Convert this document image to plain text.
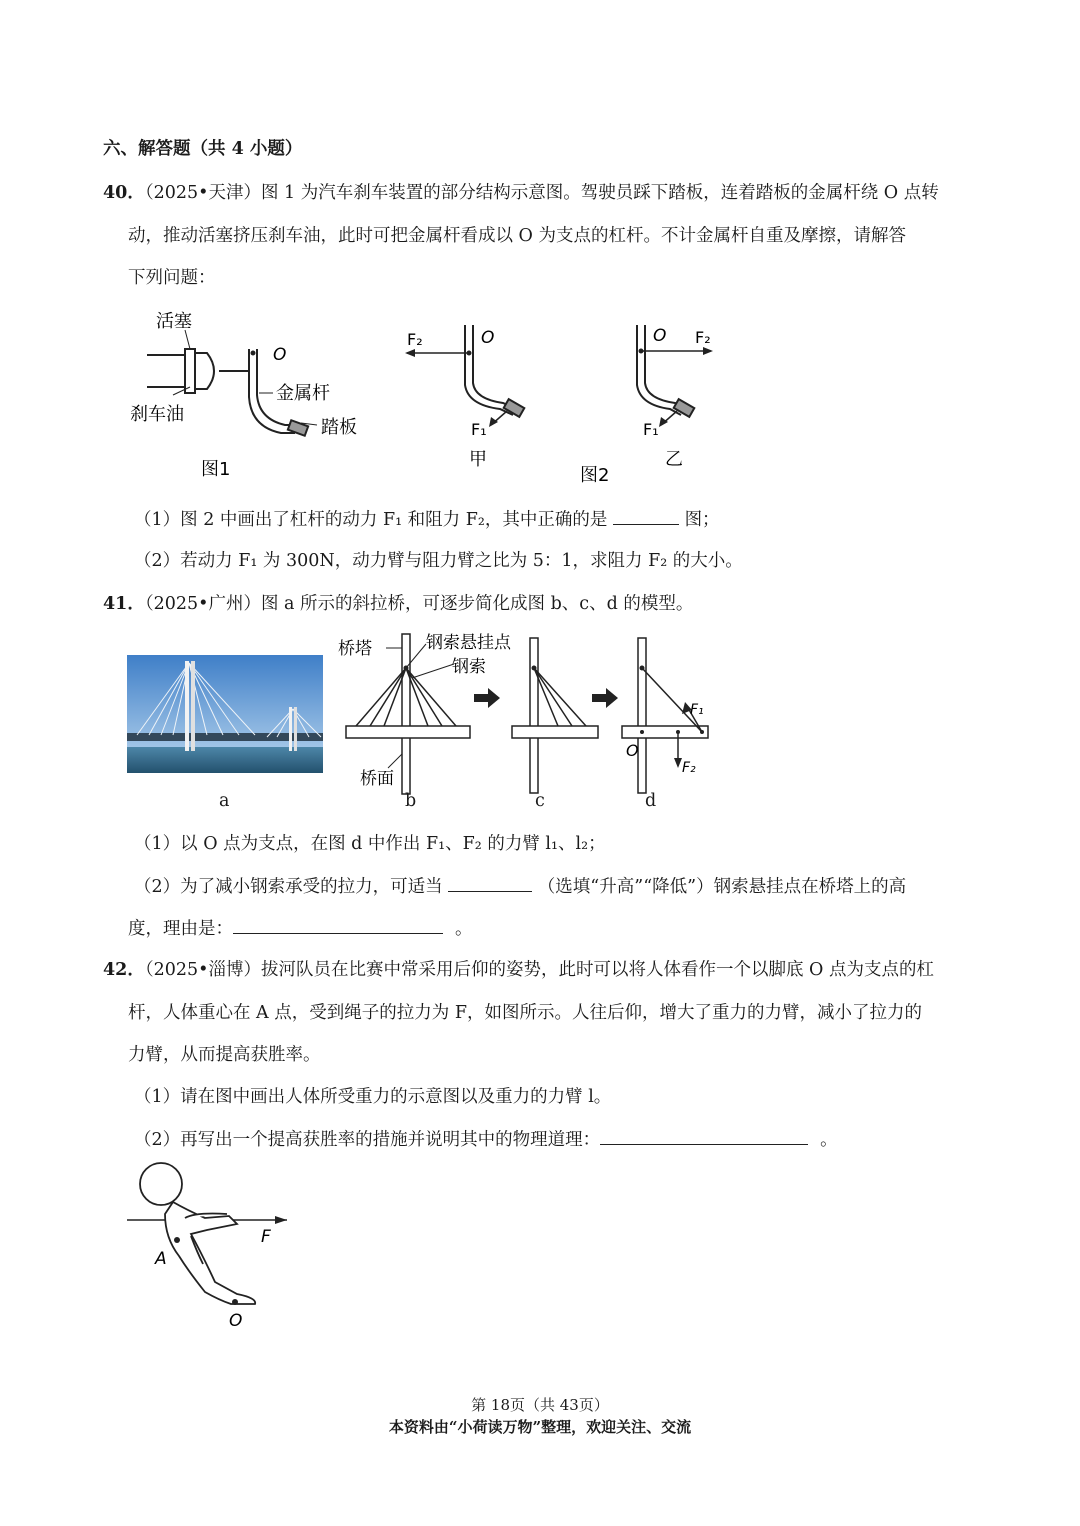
六、解答题（共 4 小题）
40．（2025•天津）图 1 为汽车刹车装置的部分结构示意图。驾驶员踩下踏板，连着踏板的金属杆绕 O 点转
动，推动活塞挤压刹车油，此时可把金属杆看成以 O 为支点的杠杆。不计金属杆自重及摩擦，请解答
下列问题：
活塞
刹车油
O
金属杆
踏板
图1
F₂	O
F₁
甲
O F₂
F₁
图2
乙
（1）图 2 中画出了杠杆的动力 F₁ 和阻力 F₂，其中正确的是	图；
（2）若动力 F₁ 为 300N，动力臂与阻力臂之比为 5：1，求阻力 F₂ 的大小。
41．（2025•广州）图 a 所示的斜拉桥，可逐步简化成图 b、c、d 的模型。
桥塔	钢索悬挂点
钢索
桥面
O
F₁
F₂
a	b	c	d
（1）以 O 点为支点，在图 d 中作出 F₁、F₂ 的力臂 l₁、l₂；
（2）为了减小钢索承受的拉力，可适当	（选填“升高”“降低”）钢索悬挂点在桥塔上的高
度，理由是：	。
42．（2025•淄博）拔河队员在比赛中常采用后仰的姿势，此时可以将人体看作一个以脚底 O 点为支点的杠
杆，人体重心在 A 点，受到绳子的拉力为 F，如图所示。人往后仰，增大了重力的力臂，减小了拉力的
力臂，从而提高获胜率。
（1）请在图中画出人体所受重力的示意图以及重力的力臂 l。
（2）再写出一个提高获胜率的措施并说明其中的物理道理：	。
F
A
O
第 18页（共 43页）
本资料由“小荷读万物”整理，欢迎关注、交流
